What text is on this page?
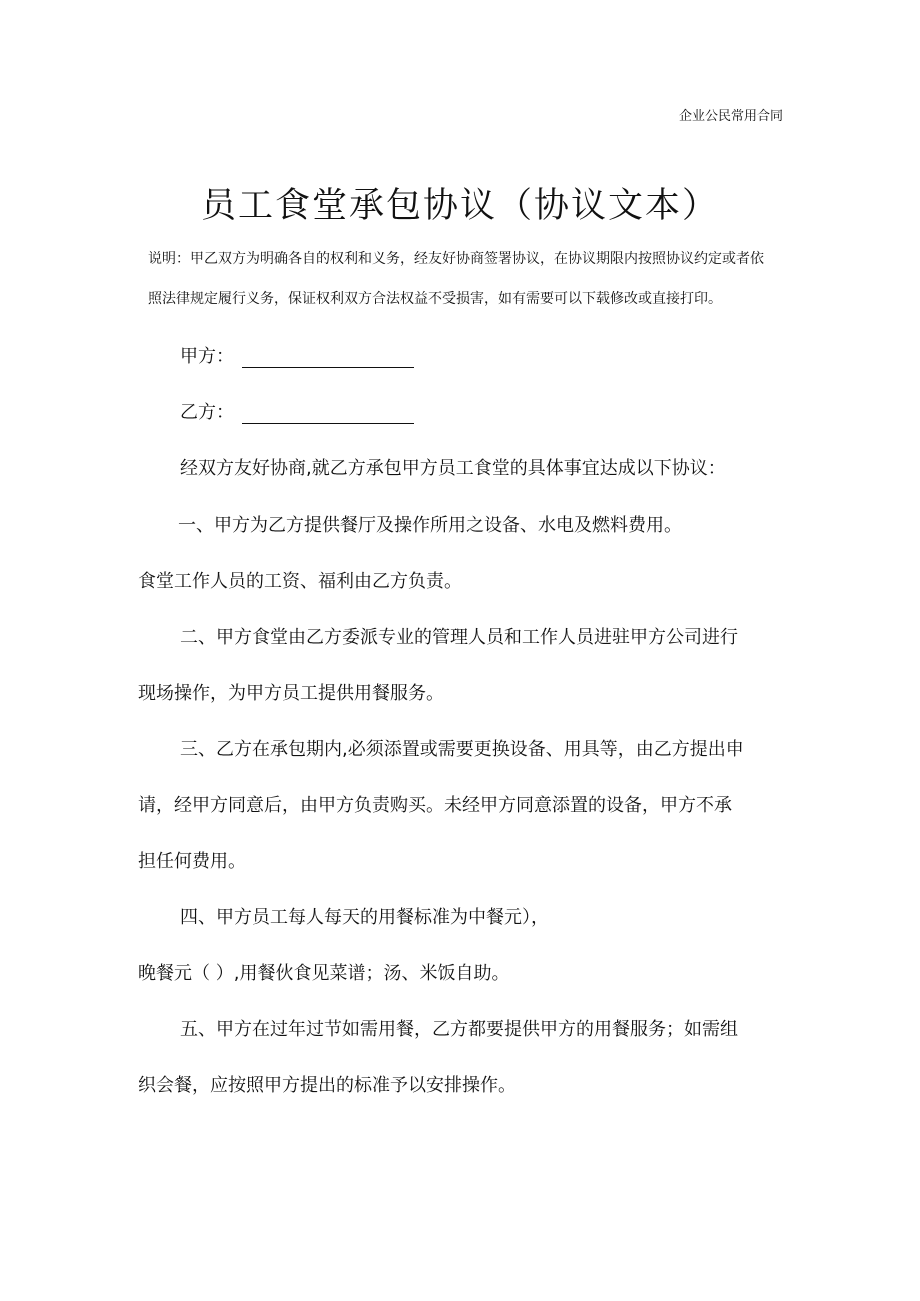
企业公民常用合同
员工食堂承包协议（协议文本）
说明：甲乙双方为明确各自的权利和义务，经友好协商签署协议，在协议期限内按照协议约定或者依
照法律规定履行义务，保证权利双方合法权益不受损害，如有需要可以下载修改或直接打印。
甲方：
乙方：
经双方友好协商,就乙方承包甲方员工食堂的具体事宜达成以下协议：
一、甲方为乙方提供餐厅及操作所用之设备、水电及燃料费用。
食堂工作人员的工资、福利由乙方负责。
二、甲方食堂由乙方委派专业的管理人员和工作人员进驻甲方公司进行
现场操作，为甲方员工提供用餐服务。
三、乙方在承包期内,必须添置或需要更换设备、用具等，由乙方提出申
请，经甲方同意后，由甲方负责购买。未经甲方同意添置的设备，甲方不承
担任何费用。
四、甲方员工每人每天的用餐标准为中餐元），
晚餐元（ ）,用餐伙食见菜谱；汤、米饭自助。
五、甲方在过年过节如需用餐，乙方都要提供甲方的用餐服务；如需组
织会餐，应按照甲方提出的标准予以安排操作。
